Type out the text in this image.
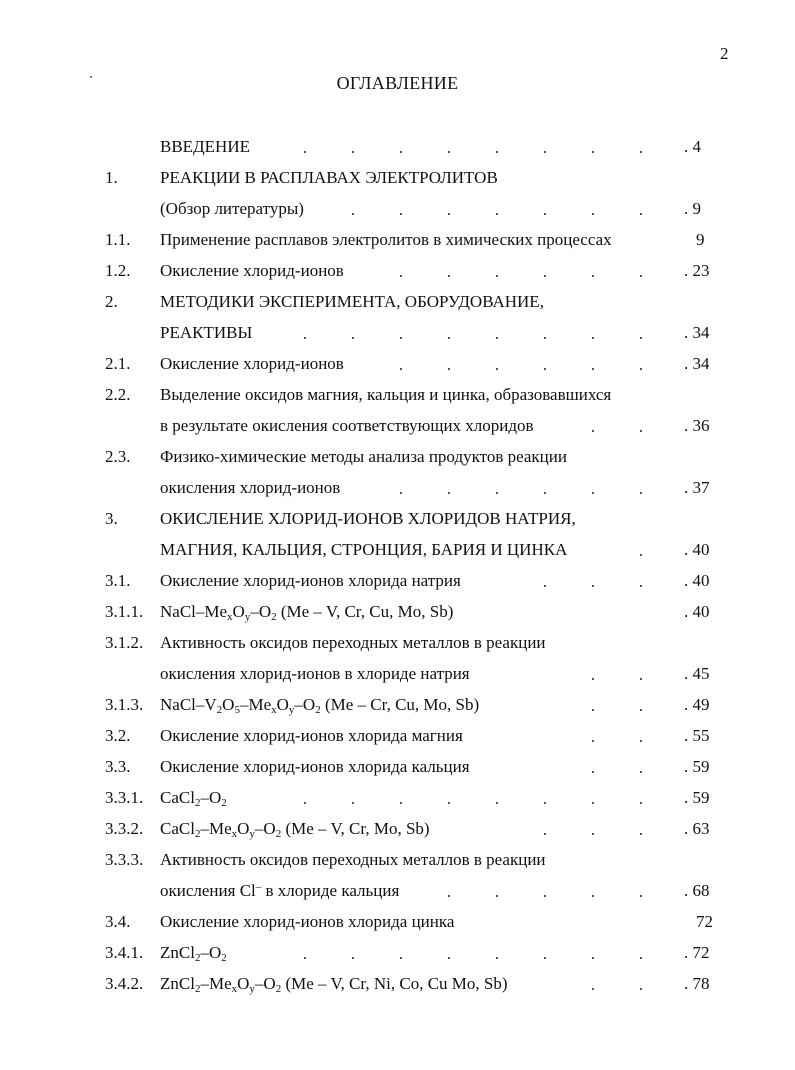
2
ОГЛАВЛЕНИЕ
ВВЕДЕНИЕ	. 4
1. РЕАКЦИИ В РАСПЛАВАХ ЭЛЕКТРОЛИТОВ
(Обзор литературы)	. 9
1.1. Применение расплавов электролитов в химических процессах	9
1.2. Окисление хлорид-ионов	. 23
2. МЕТОДИКИ ЭКСПЕРИМЕНТА, ОБОРУДОВАНИЕ,
РЕАКТИВЫ	. 34
2.1. Окисление хлорид-ионов	. 34
2.2. Выделение оксидов магния, кальция и цинка, образовавшихся
в результате окисления соответствующих хлоридов	. 36
2.3. Физико-химические методы анализа продуктов реакции
окисления хлорид-ионов	. 37
3. ОКИСЛЕНИЕ ХЛОРИД-ИОНОВ ХЛОРИДОВ НАТРИЯ,
МАГНИЯ, КАЛЬЦИЯ, СТРОНЦИЯ, БАРИЯ И ЦИНКА	. 40
3.1. Окисление хлорид-ионов хлорида натрия	. 40
3.1.1. NaCl–$Me_xO_y-O_2$ (Me – V, Cr, Cu, Mo, Sb)	. 40
3.1.2. Активность оксидов переходных металлов в реакции
окисления хлорид-ионов в хлориде натрия	. 45
3.1.3. NaCl–$V_2O_5-Me_xO_y-O_2$ (Me – Cr, Cu, Mo, Sb)	. 49
3.2. Окисление хлорид-ионов хлорида магния	. 55
3.3. Окисление хлорид-ионов хлорида кальция	. 59
3.3.1. $CaCl_2-O_2$	. 59
3.3.2. $CaCl_2-Me_xO_y-O_2$ (Me – V, Cr, Mo, Sb)	. 63
3.3.3. Активность оксидов переходных металлов в реакции
окисления Cl– в хлориде кальция	. 68
3.4. Окисление хлорид-ионов хлорида цинка	72
3.4.1. $ZnCl_2-O_2$	. 72
3.4.2. $ZnCl_2-Me_xO_y-O_2$ (Me – V, Cr, Ni, Co, Cu Mo, Sb)	. 78
